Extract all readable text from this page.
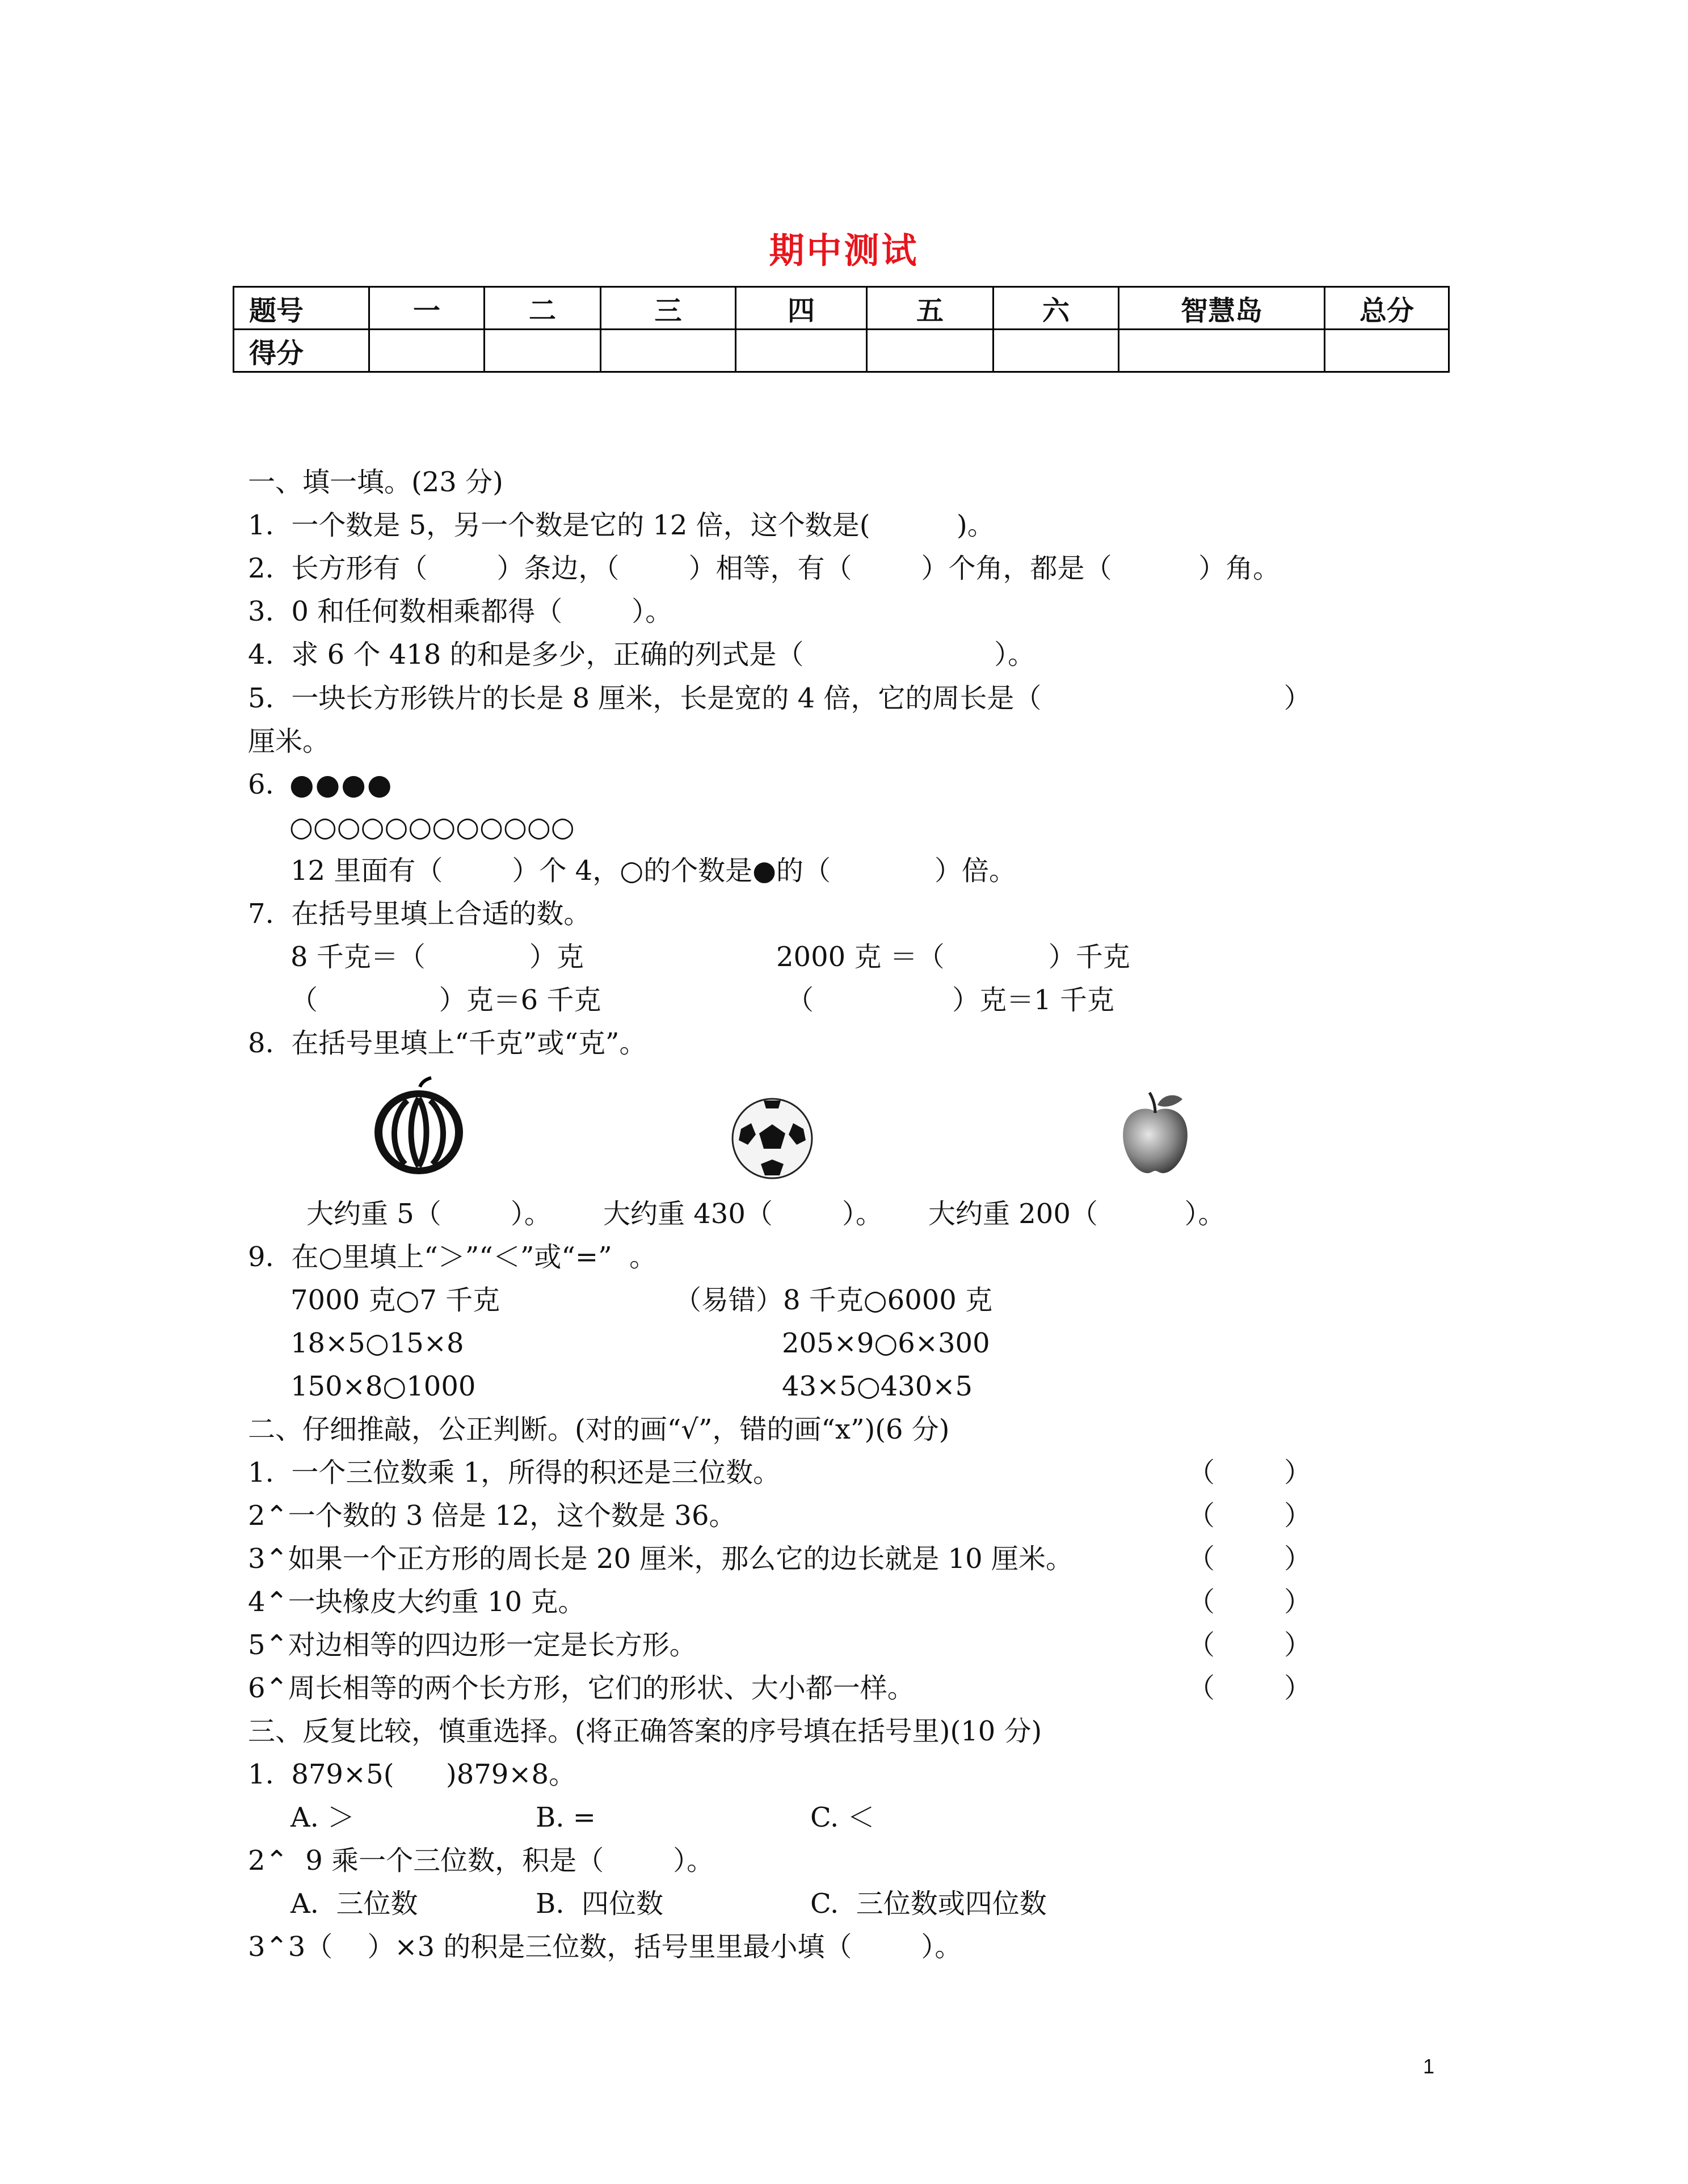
期中测试
题号	一	二	三	四	五	六	智慧岛	总分
得分								
一、填一填。(23 分)
1.  一个数是 5，另一个数是它的 12 倍，这个数是(          )。
2.  长方形有（        ）条边，（        ）相等，有（        ）个角，都是（          ）角。
3.  0 和任何数相乘都得（        ）。
4.  求 6 个 418 的和是多少，正确的列式是（                      ）。
5.  一块长方形铁片的长是 8 厘米，长是宽的 4 倍，它的周长是（                            ）
厘米。
6. ●●●●
○○○○○○○○○○○○
12 里面有（        ）个 4，○的个数是●的（            ）倍。
7.  在括号里填上合适的数。
8 千克＝（            ）克	2000 克 ＝（            ）千克
（              ）克＝6 千克	（                ）克＝1 千克
8.  在括号里填上“千克”或“克”。
大约重 5（        ）。 大约重 430（        ）。 大约重 200（          ）。
9.  在○里填上“＞”“＜”或“=”  。
7000 克○7 千克	（易错）8 千克○6000 克
18×5○15×8	205×9○6×300
150×8○1000	43×5○430×5
二、仔细推敲，公正判断。(对的画“√”，错的画“x”)(6 分)
1.  一个三位数乘 1，所得的积还是三位数。	（        ）
2⌃一个数的 3 倍是 12，这个数是 36。	（        ）
3⌃如果一个正方形的周长是 20 厘米，那么它的边长就是 10 厘米。	（        ）
4⌃一块橡皮大约重 10 克。	（        ）
5⌃对边相等的四边形一定是长方形。	（        ）
6⌃周长相等的两个长方形，它们的形状、大小都一样。	（        ）
三、反复比较，慎重选择。(将正确答案的序号填在括号里)(10 分)
1.  879×5(      )879×8。
A. ＞	B. =	C. ＜
2⌃  9 乘一个三位数，积是（        ）。
A.  三位数	B.  四位数	C.  三位数或四位数
3⌃3（    ）×3 的积是三位数，括号里里最小填（        ）。
1
